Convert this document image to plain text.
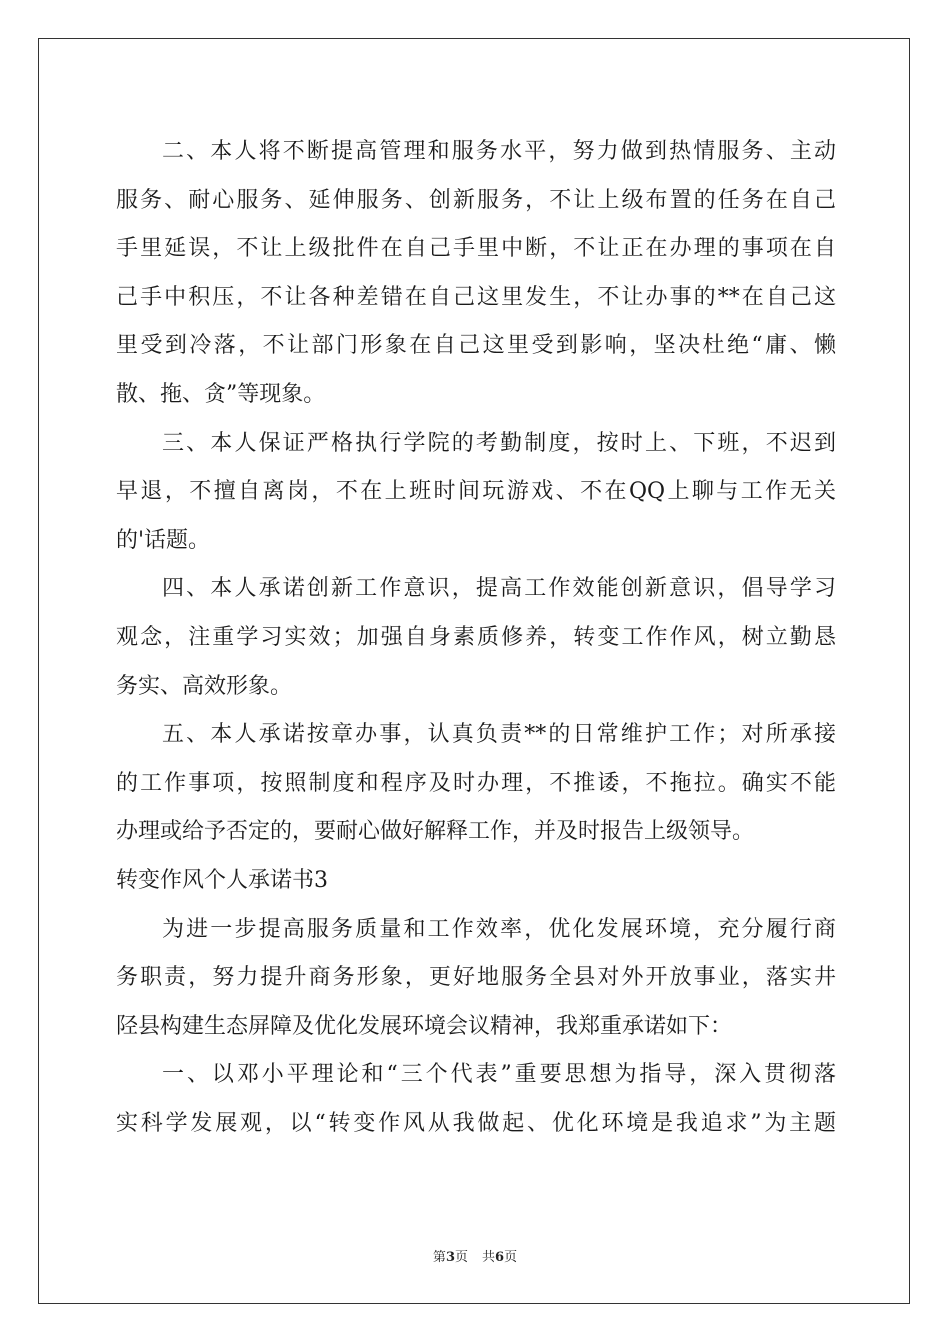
二、本人将不断提高管理和服务水平，努力做到热情服务、主动
服务、耐心服务、延伸服务、创新服务，不让上级布置的任务在自己
手里延误，不让上级批件在自己手里中断，不让正在办理的事项在自
己手中积压，不让各种差错在自己这里发生，不让办事的**在自己这
里受到冷落，不让部门形象在自己这里受到影响，坚决杜绝“庸、懒
散、拖、贪”等现象。
三、本人保证严格执行学院的考勤制度，按时上、下班，不迟到
早退，不擅自离岗，不在上班时间玩游戏、不在QQ上聊与工作无关
的'话题。
四、本人承诺创新工作意识，提高工作效能创新意识，倡导学习
观念，注重学习实效；加强自身素质修养，转变工作作风，树立勤恳
务实、高效形象。
五、本人承诺按章办事，认真负责**的日常维护工作；对所承接
的工作事项，按照制度和程序及时办理，不推诿，不拖拉。确实不能
办理或给予否定的，要耐心做好解释工作，并及时报告上级领导。
转变作风个人承诺书3
为进一步提高服务质量和工作效率，优化发展环境，充分履行商
务职责，努力提升商务形象，更好地服务全县对外开放事业，落实井
陉县构建生态屏障及优化发展环境会议精神，我郑重承诺如下：
一、以邓小平理论和“三个代表”重要思想为指导，深入贯彻落
实科学发展观，以“转变作风从我做起、优化环境是我追求”为主题
第3页 共6页
